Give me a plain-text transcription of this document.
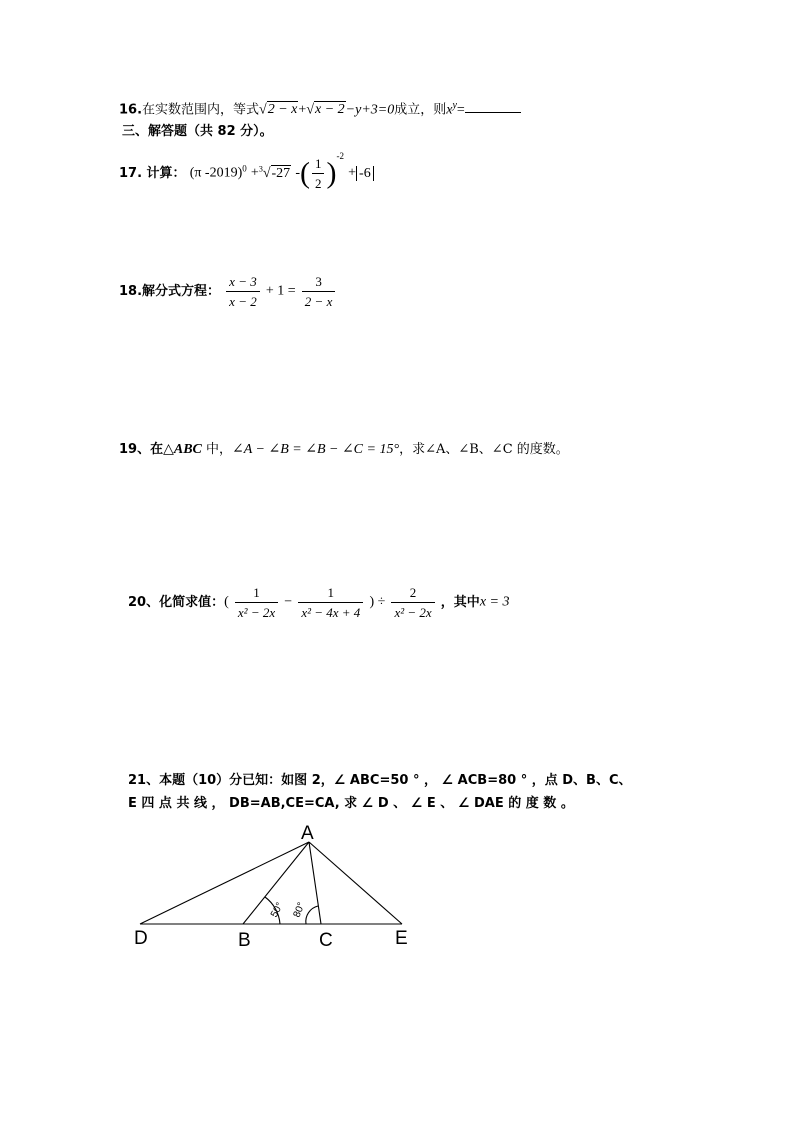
16.在实数范围内，等式√2 − x+√x − 2−y+3=0成立，则$x^y=$
三、解答题（共 82 分）。
17. 计算： (π -2019)$^0$ +$^3$√-27 -( $\frac{1}{2} )^{-2} + -6$
18.解分式方程： $\frac{x - 3}{x - 2} + 1 = \frac{3}{2 - x}$
19、在△ABC 中，∠A − ∠B = ∠B − ∠C = 15°，求∠A、∠B、∠C 的度数。
20、化简求值：( $\frac{1}{\text{x² − 2x}} - \frac{1}{\text{x² − 4x + 4}}$ ) ÷ $\frac{2}{\text{x² − 2x}}$ ，其中x = 3
21、本题（10）分已知：如图 2，∠ ABC=50 ° ， ∠ ACB=80 ° ，点 D、B、C、
E 四 点 共 线 ， DB=AB,CE=CA, 求 ∠ D 、 ∠ E 、 ∠ DAE 的 度 数 。
A
D	B	C	E
50° 80°
